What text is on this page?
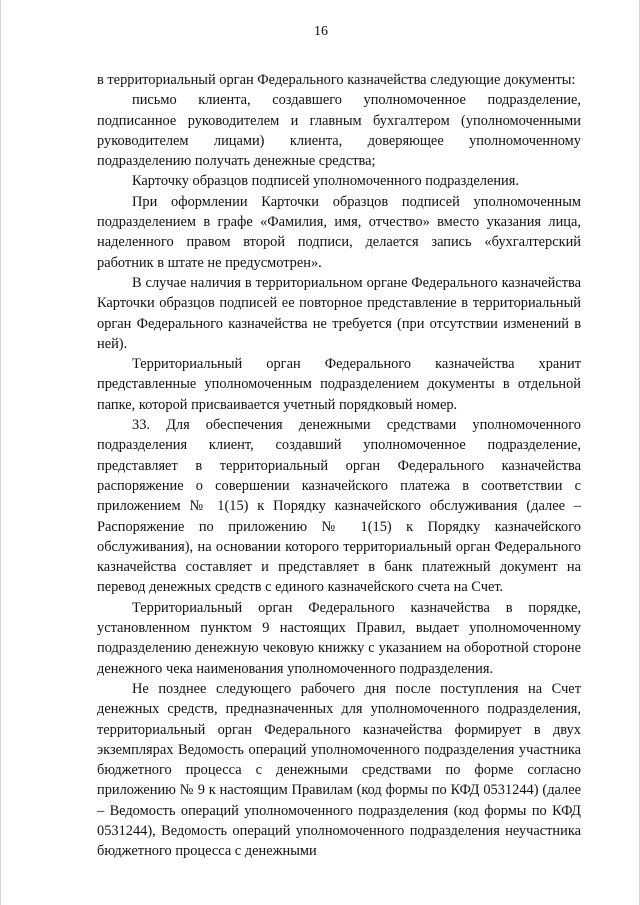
16

в территориальный орган Федерального казначейства следующие документы:

письмо клиента, создавшего уполномоченное подразделение, подписанное руководителем и главным бухгалтером (уполномоченными руководителем лицами) клиента, доверяющее уполномоченному подразделению получать денежные средства;

Карточку образцов подписей уполномоченного подразделения.

При оформлении Карточки образцов подписей уполномоченным подразделением в графе «Фамилия, имя, отчество» вместо указания лица, наделенного правом второй подписи, делается запись «бухгалтерский работник в штате не предусмотрен».

В случае наличия в территориальном органе Федерального казначейства Карточки образцов подписей ее повторное представление в территориальный орган Федерального казначейства не требуется (при отсутствии изменений в ней).

Территориальный орган Федерального казначейства хранит представленные уполномоченным подразделением документы в отдельной папке, которой присваивается учетный порядковый номер.

33. Для обеспечения денежными средствами уполномоченного подразделения клиент, создавший уполномоченное подразделение, представляет в территориальный орган Федерального казначейства распоряжение о совершении казначейского платежа в соответствии с приложением № 1(15) к Порядку казначейского обслуживания (далее – Распоряжение по приложению № 1(15) к Порядку казначейского обслуживания), на основании которого территориальный орган Федерального казначейства составляет и представляет в банк платежный документ на перевод денежных средств с единого казначейского счета на Счет.

Территориальный орган Федерального казначейства в порядке, установленном пунктом 9 настоящих Правил, выдает уполномоченному подразделению денежную чековую книжку с указанием на оборотной стороне денежного чека наименования уполномоченного подразделения.

Не позднее следующего рабочего дня после поступления на Счет денежных средств, предназначенных для уполномоченного подразделения, территориальный орган Федерального казначейства формирует в двух экземплярах Ведомость операций уполномоченного подразделения участника бюджетного процесса с денежными средствами по форме согласно приложению № 9 к настоящим Правилам (код формы по КФД 0531244) (далее – Ведомость операций уполномоченного подразделения (код формы по КФД 0531244), Ведомость операций уполномоченного подразделения неучастника бюджетного процесса с денежными
